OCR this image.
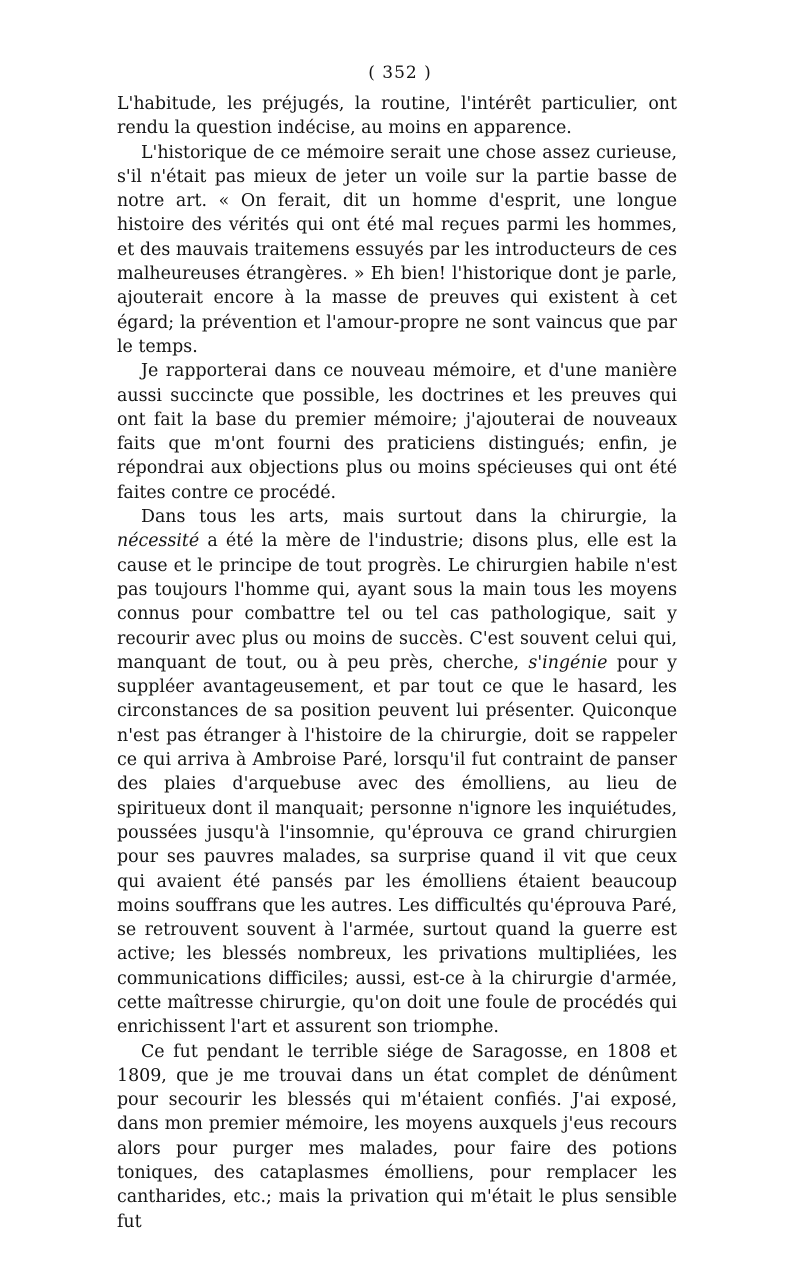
( 352 )

L'habitude, les préjugés, la routine, l'intérêt particulier, ont rendu la question indécise, au moins en apparence.

L'historique de ce mémoire serait une chose assez curieuse, s'il n'était pas mieux de jeter un voile sur la partie basse de notre art. « On ferait, dit un homme d'esprit, une longue histoire des vérités qui ont été mal reçues parmi les hommes, et des mauvais traitemens essuyés par les introducteurs de ces malheureuses étrangères. » Eh bien! l'historique dont je parle, ajouterait encore à la masse de preuves qui existent à cet égard; la prévention et l'amour-propre ne sont vaincus que par le temps.

Je rapporterai dans ce nouveau mémoire, et d'une manière aussi succincte que possible, les doctrines et les preuves qui ont fait la base du premier mémoire; j'ajouterai de nouveaux faits que m'ont fourni des praticiens distingués; enfin, je répondrai aux objections plus ou moins spécieuses qui ont été faites contre ce procédé.

Dans tous les arts, mais surtout dans la chirurgie, la nécessité a été la mère de l'industrie; disons plus, elle est la cause et le principe de tout progrès. Le chirurgien habile n'est pas toujours l'homme qui, ayant sous la main tous les moyens connus pour combattre tel ou tel cas pathologique, sait y recourir avec plus ou moins de succès. C'est souvent celui qui, manquant de tout, ou à peu près, cherche, s'ingénie pour y suppléer avantageusement, et par tout ce que le hasard, les circonstances de sa position peuvent lui présenter. Quiconque n'est pas étranger à l'histoire de la chirurgie, doit se rappeler ce qui arriva à Ambroise Paré, lorsqu'il fut contraint de panser des plaies d'arquebuse avec des émolliens, au lieu de spiritueux dont il manquait; personne n'ignore les inquiétudes, poussées jusqu'à l'insomnie, qu'éprouva ce grand chirurgien pour ses pauvres malades, sa surprise quand il vit que ceux qui avaient été pansés par les émolliens étaient beaucoup moins souffrans que les autres. Les difficultés qu'éprouva Paré, se retrouvent souvent à l'armée, surtout quand la guerre est active; les blessés nombreux, les privations multipliées, les communications difficiles; aussi, est-ce à la chirurgie d'armée, cette maîtresse chirurgie, qu'on doit une foule de procédés qui enrichissent l'art et assurent son triomphe.

Ce fut pendant le terrible siége de Saragosse, en 1808 et 1809, que je me trouvai dans un état complet de dénûment pour secourir les blessés qui m'étaient confiés. J'ai exposé, dans mon premier mémoire, les moyens auxquels j'eus recours alors pour purger mes malades, pour faire des potions toniques, des cataplasmes émolliens, pour remplacer les cantharides, etc.; mais la privation qui m'était le plus sensible fut
